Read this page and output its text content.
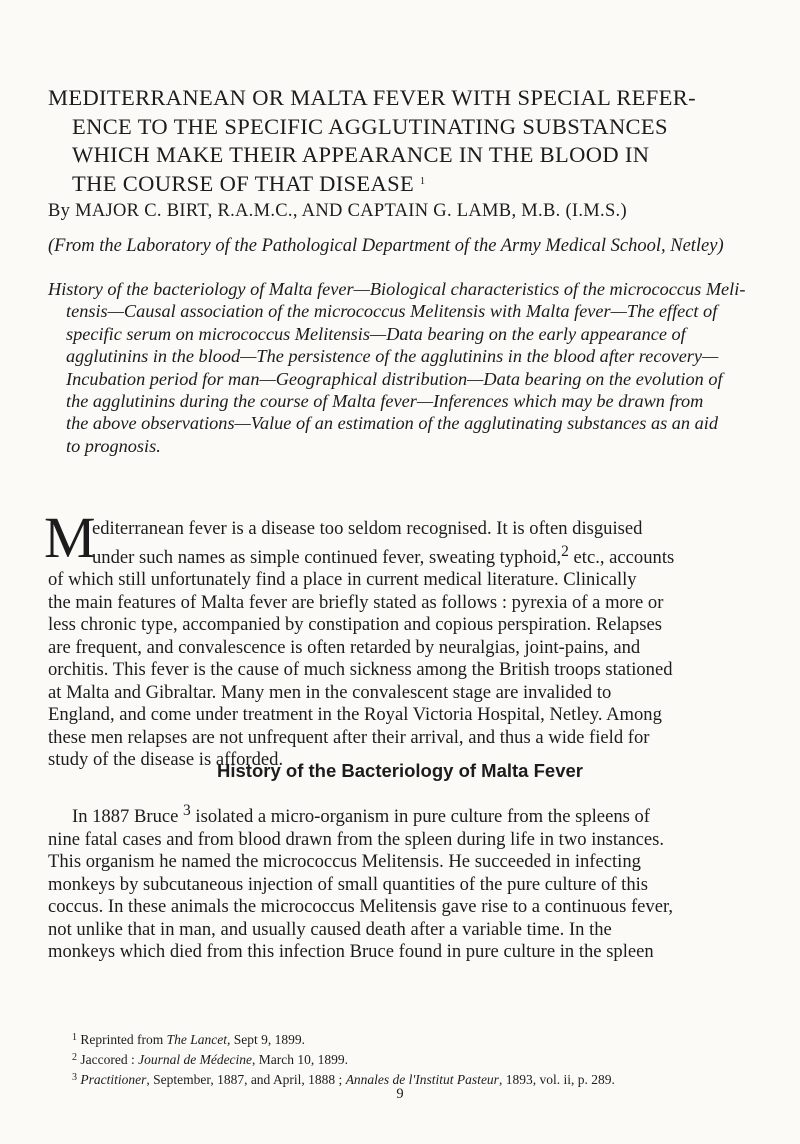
MEDITERRANEAN OR MALTA FEVER WITH SPECIAL REFER-
ENCE TO THE SPECIFIC AGGLUTINATING SUBSTANCES
WHICH MAKE THEIR APPEARANCE IN THE BLOOD IN
THE COURSE OF THAT DISEASE $^1$
By MAJOR C. BIRT, R.A.M.C., AND CAPTAIN G. LAMB, M.B. (I.M.S.)
(From the Laboratory of the Pathological Department of the Army Medical School, Netley)
History of the bacteriology of Malta fever—Biological characteristics of the micrococcus Meli-
tensis—Causal association of the micrococcus Melitensis with Malta fever—The effect of
specific serum on micrococcus Melitensis—Data bearing on the early appearance of
agglutinins in the blood—The persistence of the agglutinins in the blood after recovery—
Incubation period for man—Geographical distribution—Data bearing on the evolution of
the agglutinins during the course of Malta fever—Inferences which may be drawn from
the above observations—Value of an estimation of the agglutinating substances as an aid
to prognosis.
M
editerranean fever is a disease too seldom recognised. It is often disguised
under such names as simple continued fever, sweating typhoid,$^2$ etc., accounts
of which still unfortunately find a place in current medical literature. Clinically
the main features of Malta fever are briefly stated as follows : pyrexia of a more or
less chronic type, accompanied by constipation and copious perspiration. Relapses
are frequent, and convalescence is often retarded by neuralgias, joint-pains, and
orchitis. This fever is the cause of much sickness among the British troops stationed
at Malta and Gibraltar. Many men in the convalescent stage are invalided to
England, and come under treatment in the Royal Victoria Hospital, Netley. Among
these men relapses are not unfrequent after their arrival, and thus a wide field for
study of the disease is afforded.
History of the Bacteriology of Malta Fever
In 1887 Bruce $^3$ isolated a micro-organism in pure culture from the spleens of
nine fatal cases and from blood drawn from the spleen during life in two instances.
This organism he named the micrococcus Melitensis. He succeeded in infecting
monkeys by subcutaneous injection of small quantities of the pure culture of this
coccus. In these animals the micrococcus Melitensis gave rise to a continuous fever,
not unlike that in man, and usually caused death after a variable time. In the
monkeys which died from this infection Bruce found in pure culture in the spleen
$^1$ Reprinted from The Lancet, Sept 9, 1899.
$^2$ Jaccored : Journal de Médecine, March 10, 1899.
$^3$ Practitioner, September, 1887, and April, 1888 ; Annales de l'Institut Pasteur, 1893, vol. ii, p. 289.
9
